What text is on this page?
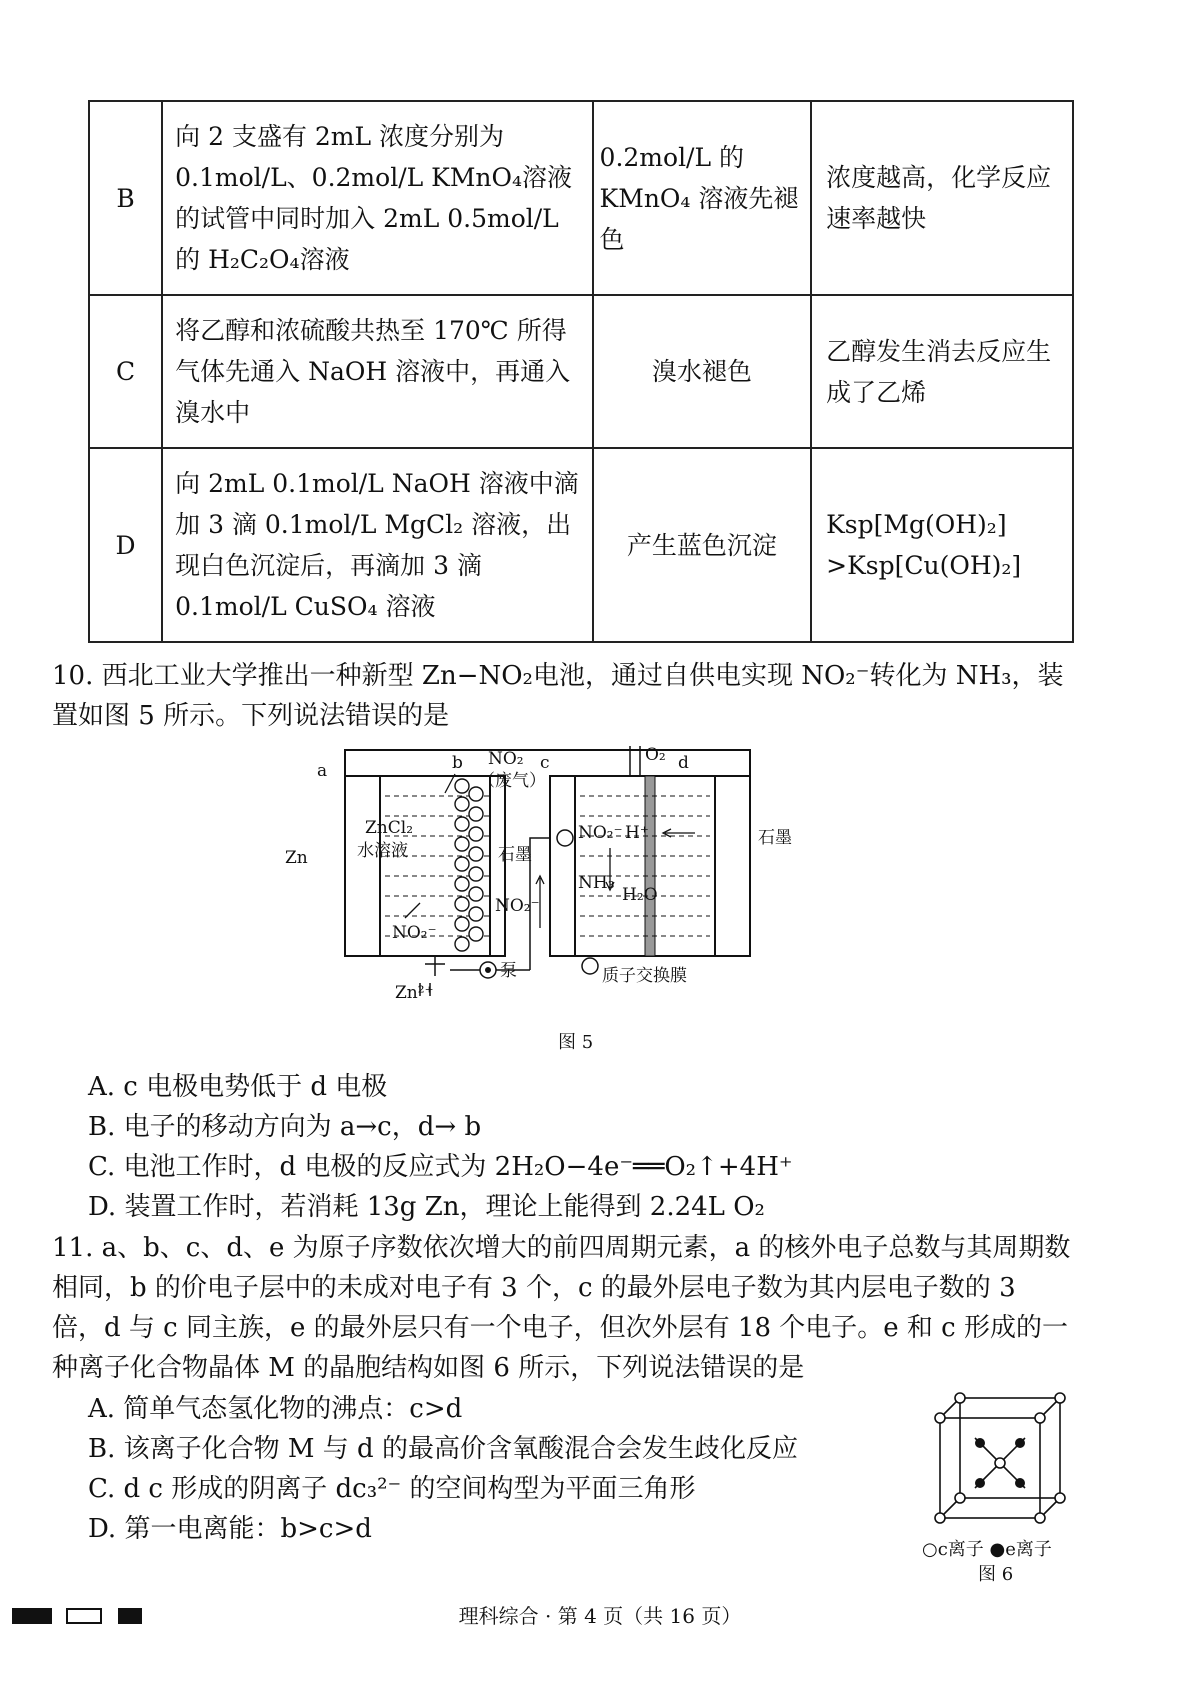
B	向 2 支盛有 2mL 浓度分别为 0.1mol/L、0.2mol/L KMnO₄溶液的试管中同时加入 2mL 0.5mol/L 的 H₂C₂O₄溶液	0.2mol/L 的 KMnO₄ 溶液先褪色	浓度越高，化学反应速率越快
C	将乙醇和浓硫酸共热至 170℃ 所得气体先通入 NaOH 溶液中，再通入溴水中	溴水褪色	乙醇发生消去反应生成了乙烯
D	向 2mL 0.1mol/L NaOH 溶液中滴加 3 滴 0.1mol/L MgCl₂ 溶液，出现白色沉淀后，再滴加 3 滴 0.1mol/L CuSO₄ 溶液	产生蓝色沉淀	Ksp[Mg(OH)₂] >Ksp[Cu(OH)₂]
10. 西北工业大学推出一种新型 Zn−NO₂电池，通过自供电实现 NO₂⁻转化为 NH₃，装置如图 5 所示。下列说法错误的是
a	b	c	d
NO₂
（废气）
ZnCl₂
水溶液
Zn
NO₂⁻
Zn²⁺
NO₂⁻
泵
石墨
O₂
NO₂⁻ H⁺
NH₃
H₂O
石墨
质子交换膜
图 5
A. c 电极电势低于 d 电极
B. 电子的移动方向为 a→c，d→ b
C. 电池工作时，d 电极的反应式为 2H₂O−4e⁻══O₂↑+4H⁺
D. 装置工作时，若消耗 13g Zn，理论上能得到 2.24L O₂
11. a、b、c、d、e 为原子序数依次增大的前四周期元素，a 的核外电子总数与其周期数相同，b 的价电子层中的未成对电子有 3 个，c 的最外层电子数为其内层电子数的 3 倍，d 与 c 同主族，e 的最外层只有一个电子，但次外层有 18 个电子。e 和 c 形成的一种离子化合物晶体 M 的晶胞结构如图 6 所示，下列说法错误的是
A. 简单气态氢化物的沸点：c>d
B. 该离子化合物 M 与 d 的最高价含氧酸混合会发生歧化反应
C. d c 形成的阴离子 dc₃²⁻ 的空间构型为平面三角形
D. 第一电离能：b>c>d
○c离子 ●e离子
图 6
理科综合 · 第 4 页（共 16 页）
